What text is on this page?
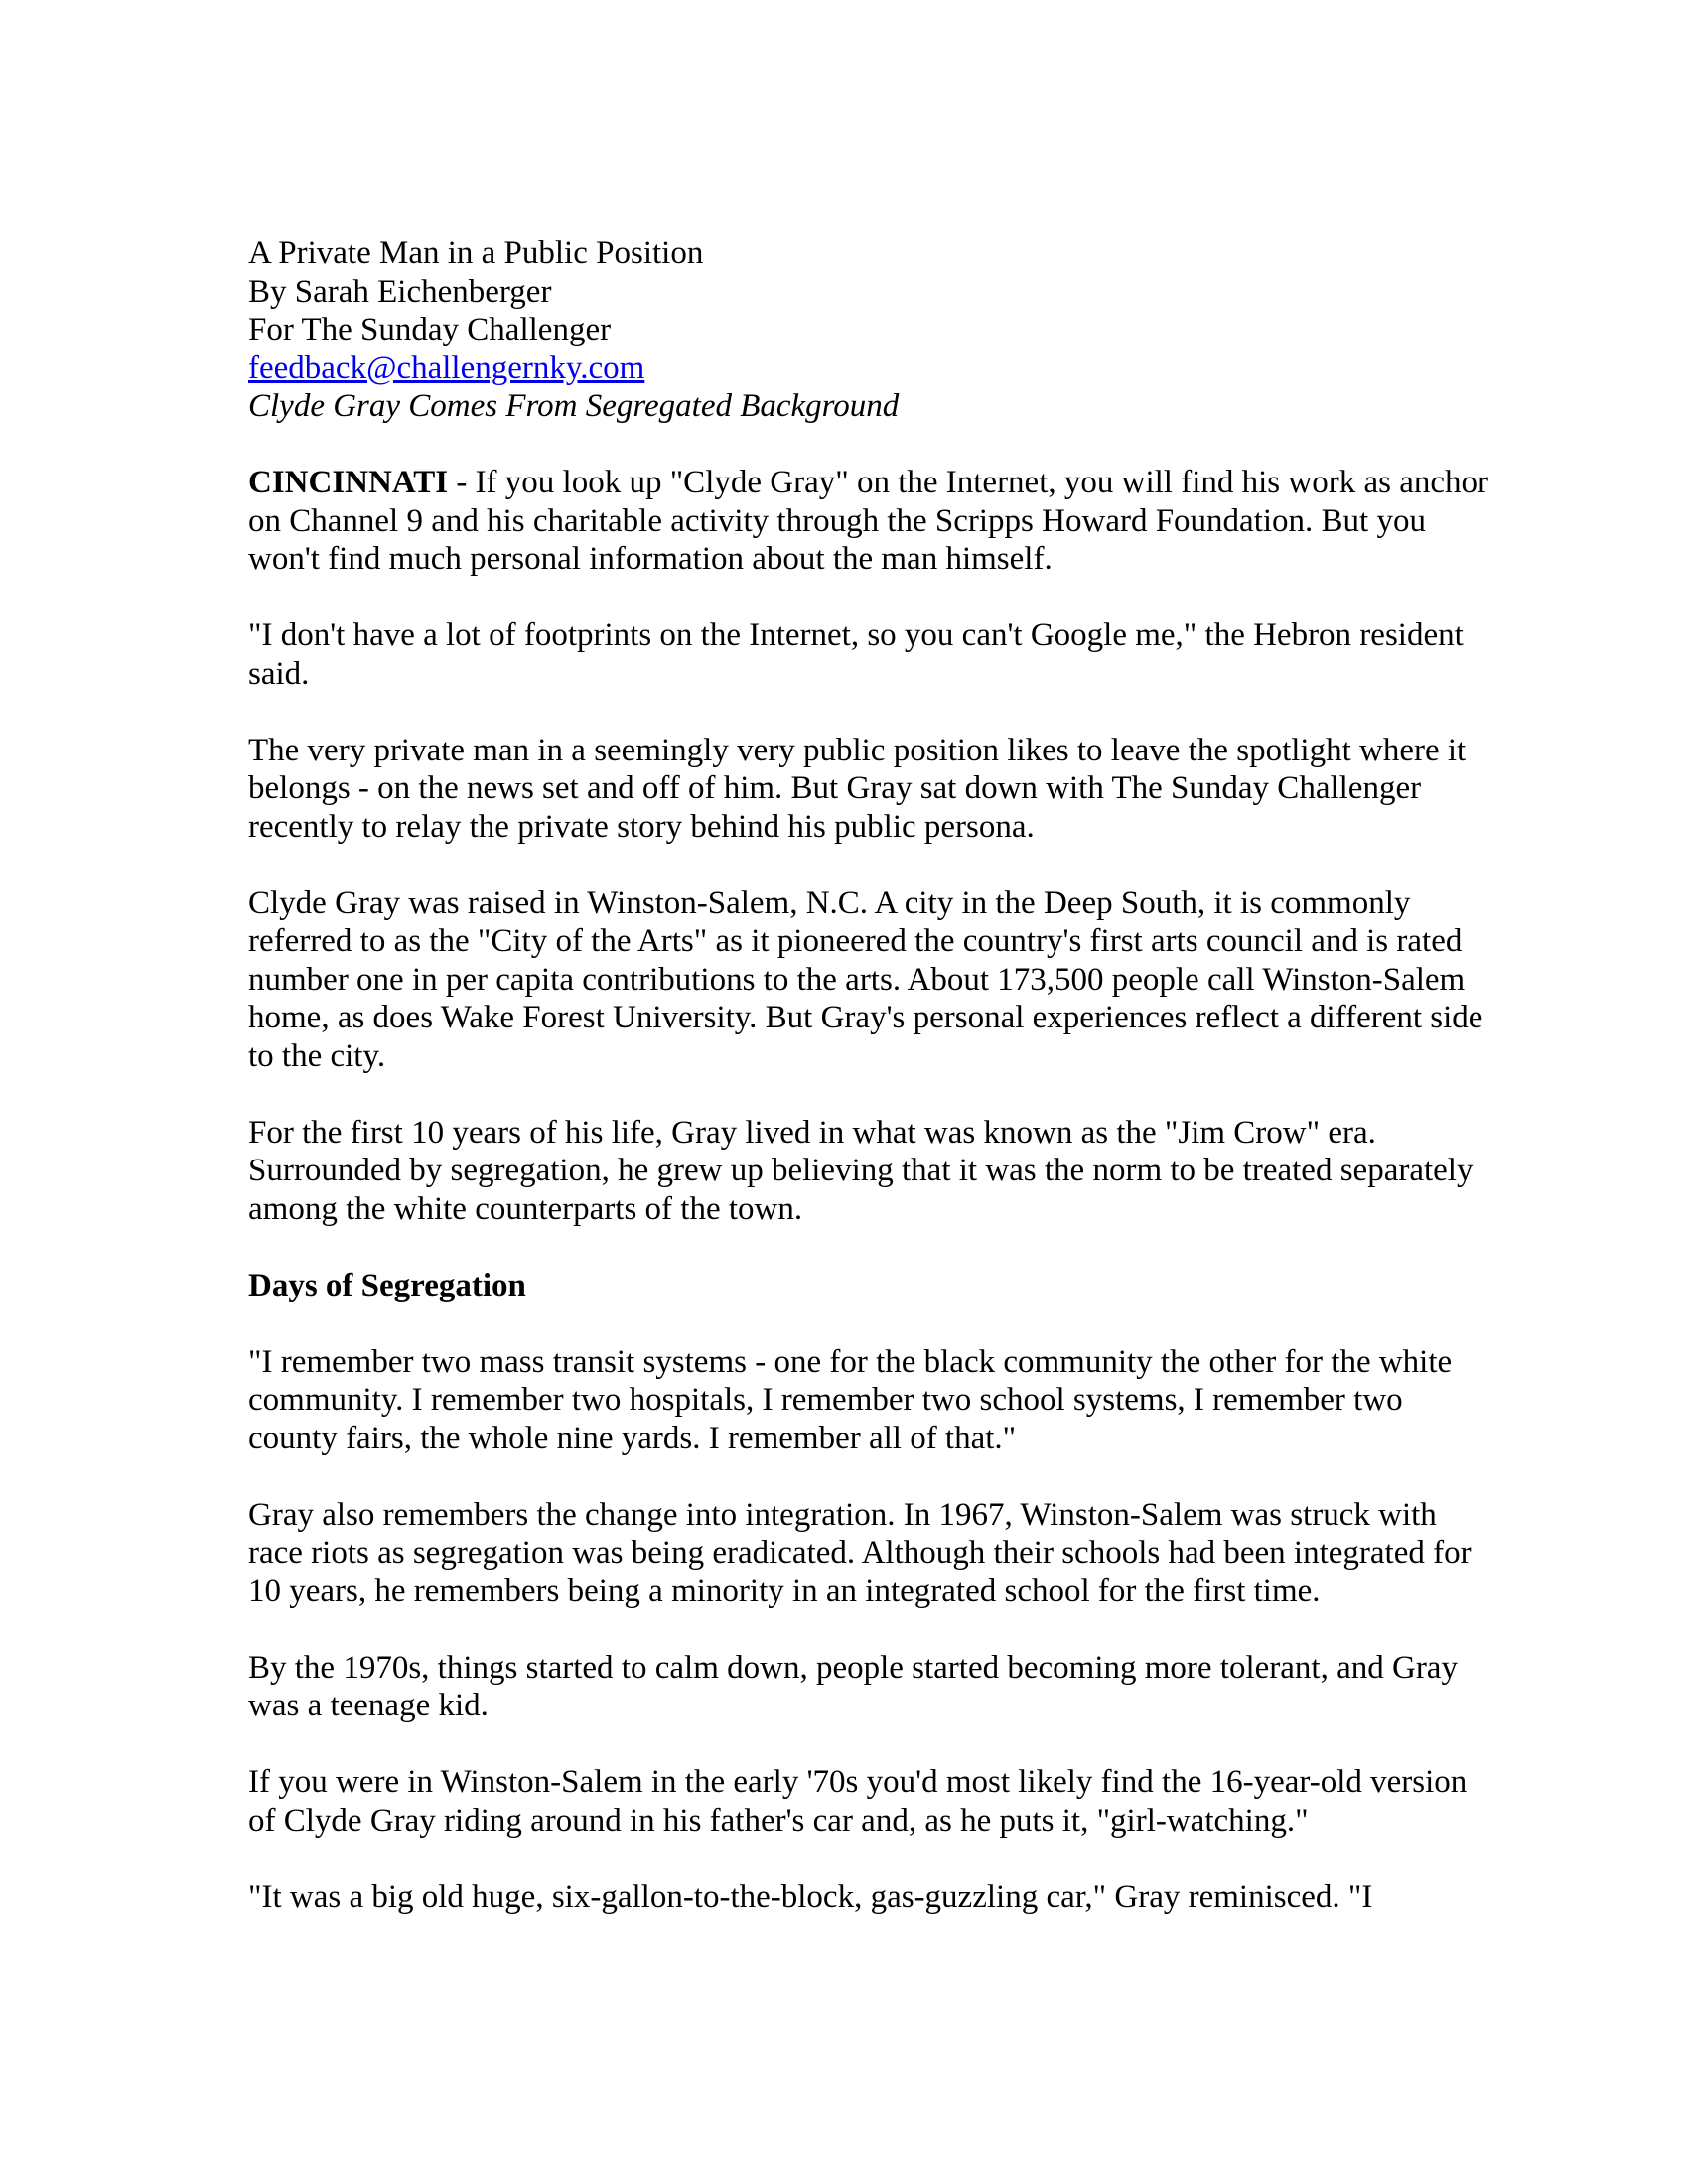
A Private Man in a Public Position
By Sarah Eichenberger
For The Sunday Challenger
feedback@challengernky.com
Clyde Gray Comes From Segregated Background

CINCINNATI - If you look up "Clyde Gray" on the Internet, you will find his work as anchor on Channel 9 and his charitable activity through the Scripps Howard Foundation. But you won't find much personal information about the man himself.

"I don't have a lot of footprints on the Internet, so you can't Google me," the Hebron resident said.

The very private man in a seemingly very public position likes to leave the spotlight where it belongs - on the news set and off of him. But Gray sat down with The Sunday Challenger recently to relay the private story behind his public persona.

Clyde Gray was raised in Winston-Salem, N.C. A city in the Deep South, it is commonly referred to as the "City of the Arts" as it pioneered the country's first arts council and is rated number one in per capita contributions to the arts. About 173,500 people call Winston-Salem home, as does Wake Forest University. But Gray's personal experiences reflect a different side to the city.

For the first 10 years of his life, Gray lived in what was known as the "Jim Crow" era. Surrounded by segregation, he grew up believing that it was the norm to be treated separately among the white counterparts of the town.

Days of Segregation

"I remember two mass transit systems - one for the black community the other for the white community. I remember two hospitals, I remember two school systems, I remember two county fairs, the whole nine yards. I remember all of that."

Gray also remembers the change into integration. In 1967, Winston-Salem was struck with race riots as segregation was being eradicated. Although their schools had been integrated for 10 years, he remembers being a minority in an integrated school for the first time.

By the 1970s, things started to calm down, people started becoming more tolerant, and Gray was a teenage kid.

If you were in Winston-Salem in the early '70s you'd most likely find the 16-year-old version of Clyde Gray riding around in his father's car and, as he puts it, "girl-watching."

"It was a big old huge, six-gallon-to-the-block, gas-guzzling car," Gray reminisced. "I
